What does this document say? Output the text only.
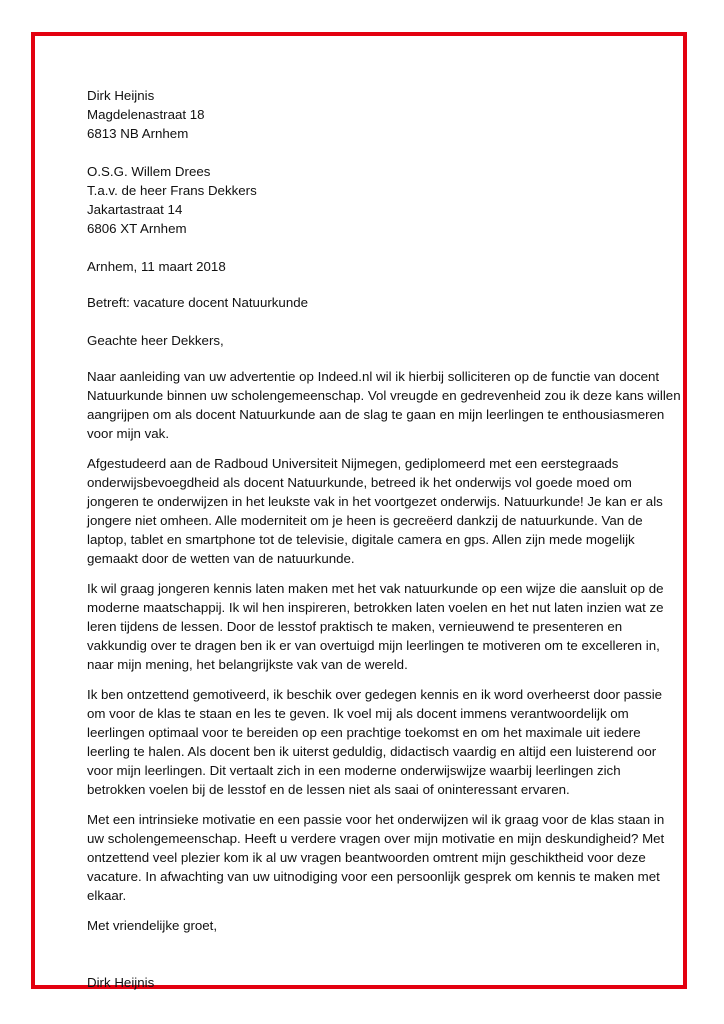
Dirk Heijnis
Magdelenastraat 18
6813 NB Arnhem
O.S.G. Willem Drees
T.a.v. de heer Frans Dekkers
Jakartastraat 14
6806 XT Arnhem
Arnhem, 11 maart 2018
Betreft: vacature docent Natuurkunde
Geachte heer Dekkers,
Naar aanleiding van uw advertentie op Indeed.nl wil ik hierbij solliciteren op de functie van docent
Natuurkunde binnen uw scholengemeenschap. Vol vreugde en gedrevenheid zou ik deze kans willen
aangrijpen om als docent Natuurkunde aan de slag te gaan en mijn leerlingen te enthousiasmeren
voor mijn vak.
Afgestudeerd aan de Radboud Universiteit Nijmegen, gediplomeerd met een eerstegraads
onderwijsbevoegdheid als docent Natuurkunde, betreed ik het onderwijs vol goede moed om
jongeren te onderwijzen in het leukste vak in het voortgezet onderwijs. Natuurkunde! Je kan er als
jongere niet omheen. Alle moderniteit om je heen is gecreëerd dankzij de natuurkunde. Van de
laptop, tablet en smartphone tot de televisie, digitale camera en gps. Allen zijn mede mogelijk
gemaakt door de wetten van de natuurkunde.
Ik wil graag jongeren kennis laten maken met het vak natuurkunde op een wijze die aansluit op de
moderne maatschappij. Ik wil hen inspireren, betrokken laten voelen en het nut laten inzien wat ze
leren tijdens de lessen. Door de lesstof praktisch te maken, vernieuwend te presenteren en
vakkundig over te dragen ben ik er van overtuigd mijn leerlingen te motiveren om te excelleren in,
naar mijn mening, het belangrijkste vak van de wereld.
Ik ben ontzettend gemotiveerd, ik beschik over gedegen kennis en ik word overheerst door passie
om voor de klas te staan en les te geven. Ik voel mij als docent immens verantwoordelijk om
leerlingen optimaal voor te bereiden op een prachtige toekomst en om het maximale uit iedere
leerling te halen. Als docent ben ik uiterst geduldig, didactisch vaardig en altijd een luisterend oor
voor mijn leerlingen. Dit vertaalt zich in een moderne onderwijswijze waarbij leerlingen zich
betrokken voelen bij de lesstof en de lessen niet als saai of oninteressant ervaren.
Met een intrinsieke motivatie en een passie voor het onderwijzen wil ik graag voor de klas staan in
uw scholengemeenschap. Heeft u verdere vragen over mijn motivatie en mijn deskundigheid? Met
ontzettend veel plezier kom ik al uw vragen beantwoorden omtrent mijn geschiktheid voor deze
vacature. In afwachting van uw uitnodiging voor een persoonlijk gesprek om kennis te maken met
elkaar.
Met vriendelijke groet,
Dirk Heijnis
